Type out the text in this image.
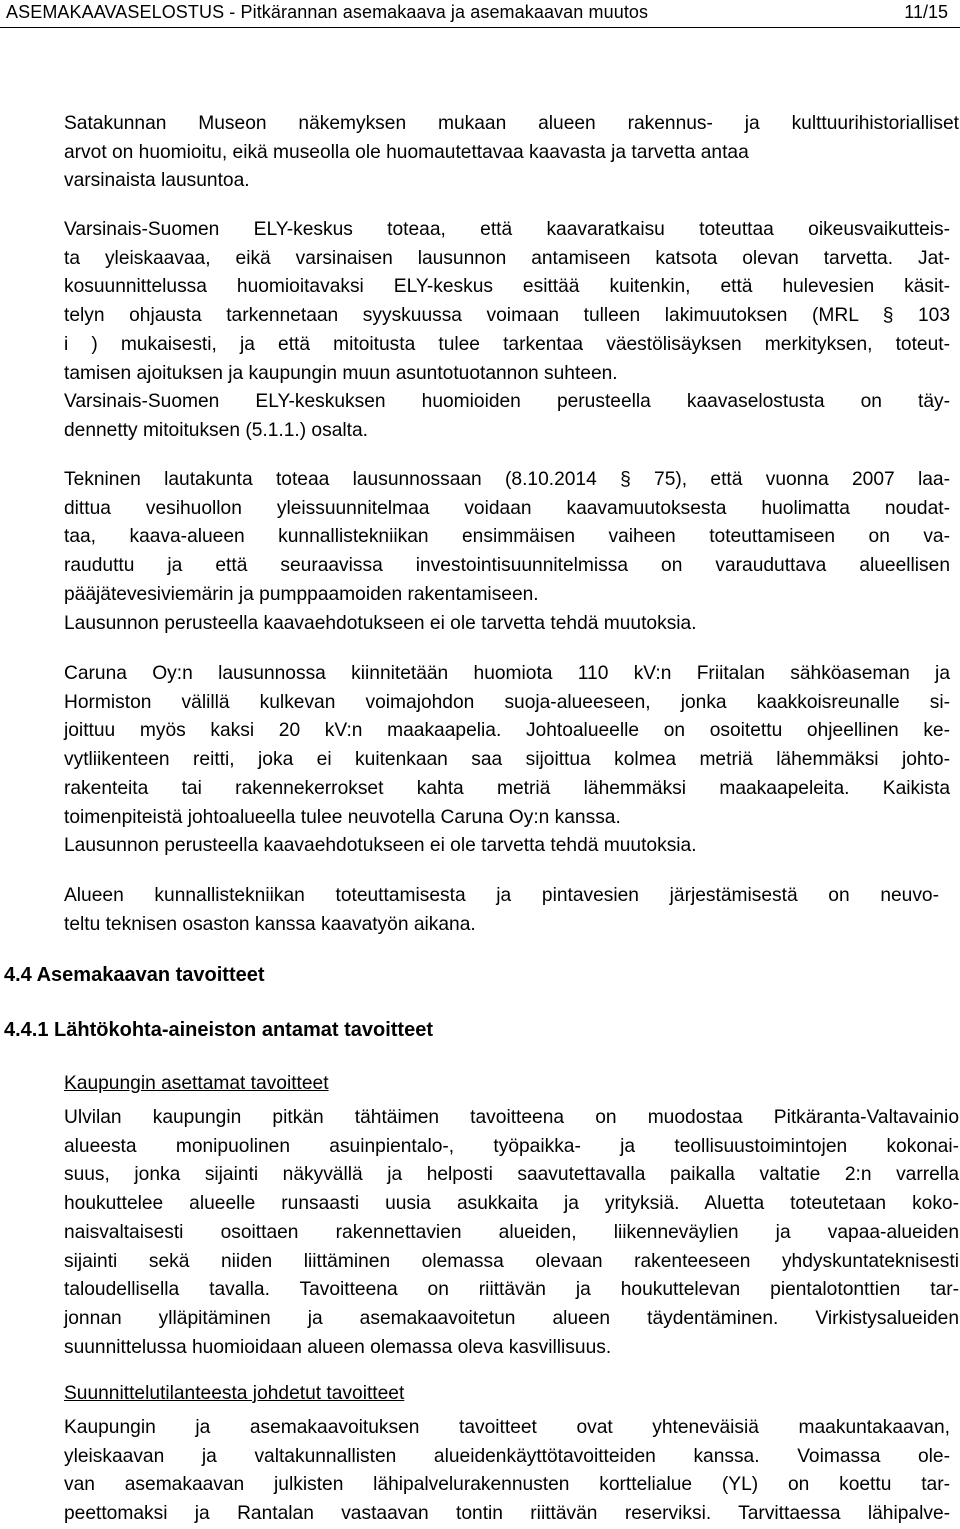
ASEMAKAAVASELOSTUS - Pitkärannan asemakaava ja asemakaavan muutos	11/15
Satakunnan Museon näkemyksen mukaan alueen rakennus- ja kulttuurihistorialliset
arvot on huomioitu, eikä museolla ole huomautettavaa kaavasta ja tarvetta antaa
varsinaista lausuntoa.
Varsinais-Suomen ELY-keskus toteaa, että kaavaratkaisu toteuttaa oikeusvaikutteis-
ta yleiskaavaa, eikä varsinaisen lausunnon antamiseen katsota olevan tarvetta. Jat-
kosuunnittelussa huomioitavaksi ELY-keskus esittää kuitenkin, että hulevesien käsit-
telyn ohjausta tarkennetaan syyskuussa voimaan tulleen lakimuutoksen (MRL § 103
i ) mukaisesti, ja että mitoitusta tulee tarkentaa väestölisäyksen merkityksen, toteut-
tamisen ajoituksen ja kaupungin muun asuntotuotannon suhteen.
Varsinais-Suomen ELY-keskuksen huomioiden perusteella kaavaselostusta on täy-
dennetty mitoituksen (5.1.1.) osalta.
Tekninen lautakunta toteaa lausunnossaan (8.10.2014 § 75), että vuonna 2007 laa-
dittua vesihuollon yleissuunnitelmaa voidaan kaavamuutoksesta huolimatta noudat-
taa, kaava-alueen kunnallistekniikan ensimmäisen vaiheen toteuttamiseen on va-
rauduttu ja että seuraavissa investointisuunnitelmissa on varauduttava alueellisen
pääjätevesiviemärin ja pumppaamoiden rakentamiseen.
Lausunnon perusteella kaavaehdotukseen ei ole tarvetta tehdä muutoksia.
Caruna Oy:n lausunnossa kiinnitetään huomiota 110 kV:n Friitalan sähköaseman ja
Hormiston välillä kulkevan voimajohdon suoja-alueeseen, jonka kaakkoisreunalle si-
joittuu myös kaksi 20 kV:n maakaapelia. Johtoalueelle on osoitettu ohjeellinen ke-
vytliikenteen reitti, joka ei kuitenkaan saa sijoittua kolmea metriä lähemmäksi johto-
rakenteita tai rakennekerrokset kahta metriä lähemmäksi maakaapeleita. Kaikista
toimenpiteistä johtoalueella tulee neuvotella Caruna Oy:n kanssa.
Lausunnon perusteella kaavaehdotukseen ei ole tarvetta tehdä muutoksia.
Alueen kunnallistekniikan toteuttamisesta ja pintavesien järjestämisestä on neuvo-
teltu teknisen osaston kanssa kaavatyön aikana.
4.4 Asemakaavan tavoitteet
4.4.1 Lähtökohta-aineiston antamat tavoitteet
Kaupungin asettamat tavoitteet
Ulvilan kaupungin pitkän tähtäimen tavoitteena on muodostaa Pitkäranta-Valtavainio
alueesta monipuolinen asuinpientalo-, työpaikka- ja teollisuustoimintojen kokonai-
suus, jonka sijainti näkyvällä ja helposti saavutettavalla paikalla valtatie 2:n varrella
houkuttelee alueelle runsaasti uusia asukkaita ja yrityksiä. Aluetta toteutetaan koko-
naisvaltaisesti osoittaen rakennettavien alueiden, liikenneväylien ja vapaa-alueiden
sijainti sekä niiden liittäminen olemassa olevaan rakenteeseen yhdyskuntateknisesti
taloudellisella tavalla. Tavoitteena on riittävän ja houkuttelevan pientalotonttien tar-
jonnan ylläpitäminen ja asemakaavoitetun alueen täydentäminen. Virkistysalueiden
suunnittelussa huomioidaan alueen olemassa oleva kasvillisuus.
Suunnittelutilanteesta johdetut tavoitteet
Kaupungin ja asemakaavoituksen tavoitteet ovat yhteneväisiä maakuntakaavan,
yleiskaavan ja valtakunnallisten alueidenkäyttötavoitteiden kanssa. Voimassa ole-
van asemakaavan julkisten lähipalvelurakennusten korttelialue (YL) on koettu tar-
peettomaksi ja Rantalan vastaavan tontin riittävän reserviksi. Tarvittaessa lähipalve-
